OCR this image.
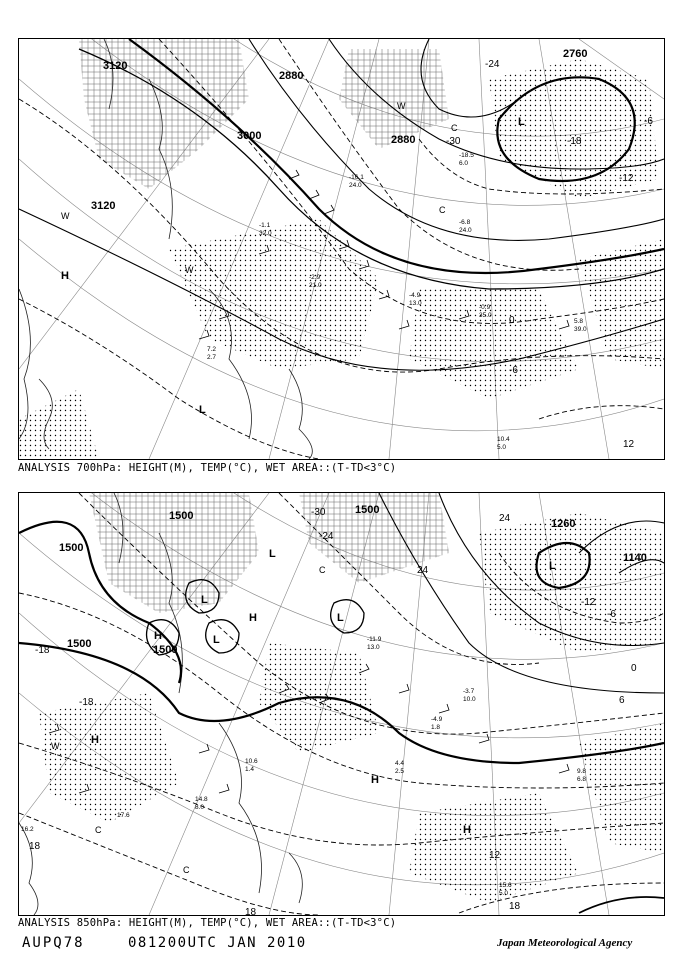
3120
3000
2880
2880
2760
3120
-18
-24
-12
-6
0
-6
12
-30
H
L
L
W
W
W
C
C
-1.1
32.0
-2.9
21.0
-4.9
13.0
-0.9
35.0
5.8
39.0
7.2
2.7
10.4
5.0
-16.1
24.0
-6.8
24.0
-18.5
6.0
ANALYSIS 700hPa: HEIGHT(M), TEMP(°C), WET AREA::(T-TD<3°C)
1500
1500
1500	1500
1500
1140
1260
-24
-30
-18
-18
-12
-6
0
6
12
18
18
24
24
18
L
L
L
L
L
H
H
H
H
H
C
C
C
W
-11.9
13.0
-3.7
10.0
-4.9
1.8
4.4
2.5	9.8
6.8
15.6
5.0
14.8
8.0
10.6
1.4
17.6
16.2
ANALYSIS 850hPa: HEIGHT(M), TEMP(°C), WET AREA::(T-TD<3°C)
AUPQ78	081200UTC JAN 2010	Japan Meteorological Agency
